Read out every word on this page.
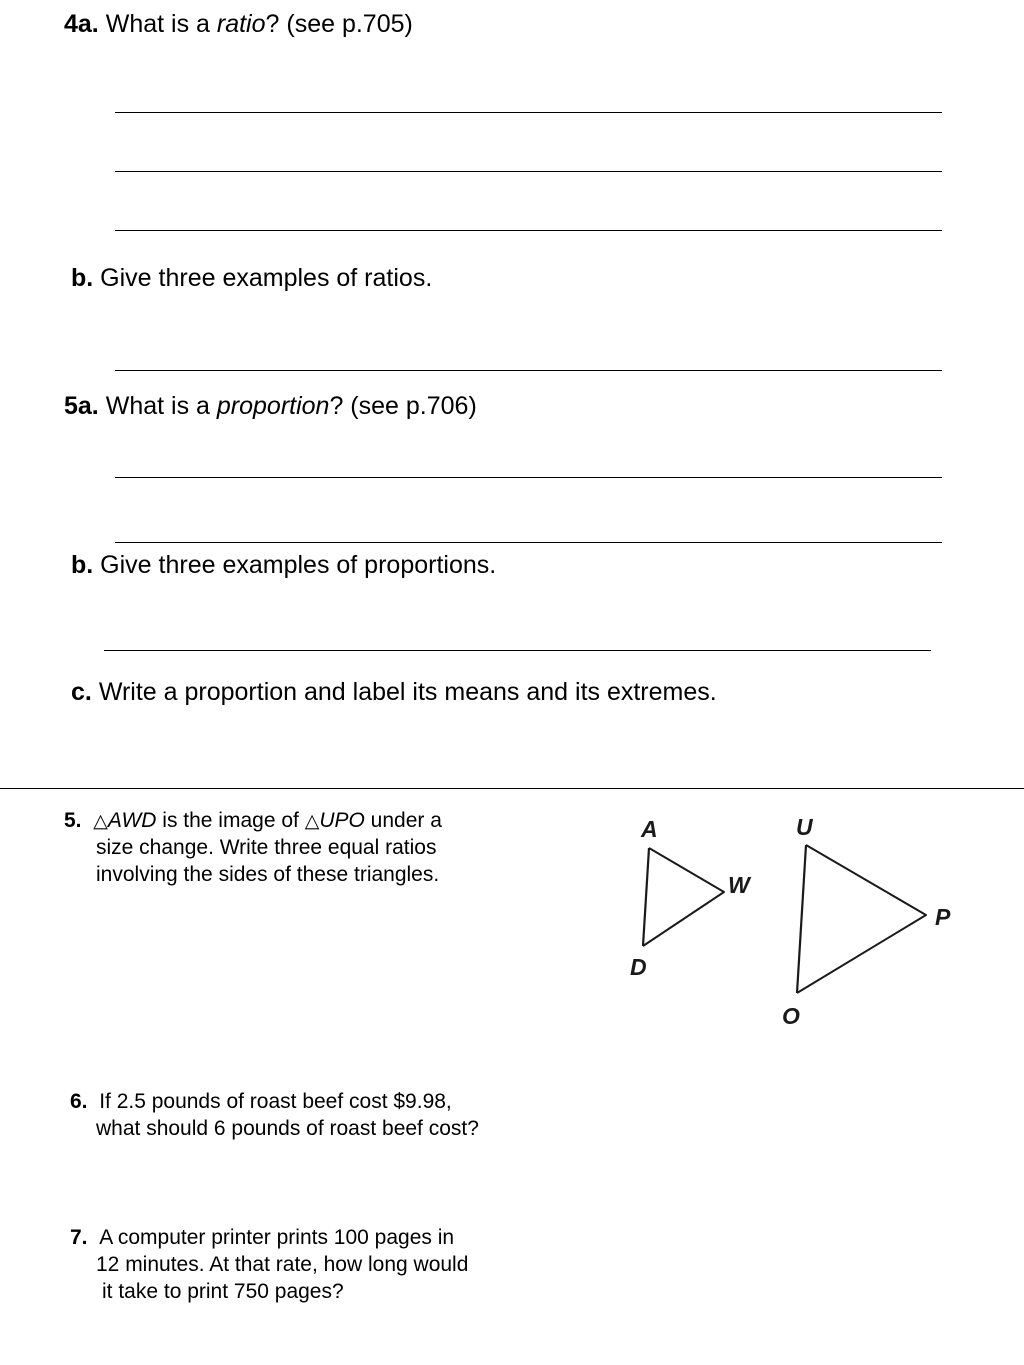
4a. What is a ratio? (see p.705)

b. Give three examples of ratios.

5a. What is a proportion? (see p.706)

b. Give three examples of proportions.

c. Write a proportion and label its means and its extremes.

5. △AWD is the image of △UPO under a

size change. Write three equal ratios

involving the sides of these triangles.

A
W
D
U
P
O

6. If 2.5 pounds of roast beef cost $9.98,

what should 6 pounds of roast beef cost?

7. A computer printer prints 100 pages in

12 minutes. At that rate, how long would

it take to print 750 pages?
